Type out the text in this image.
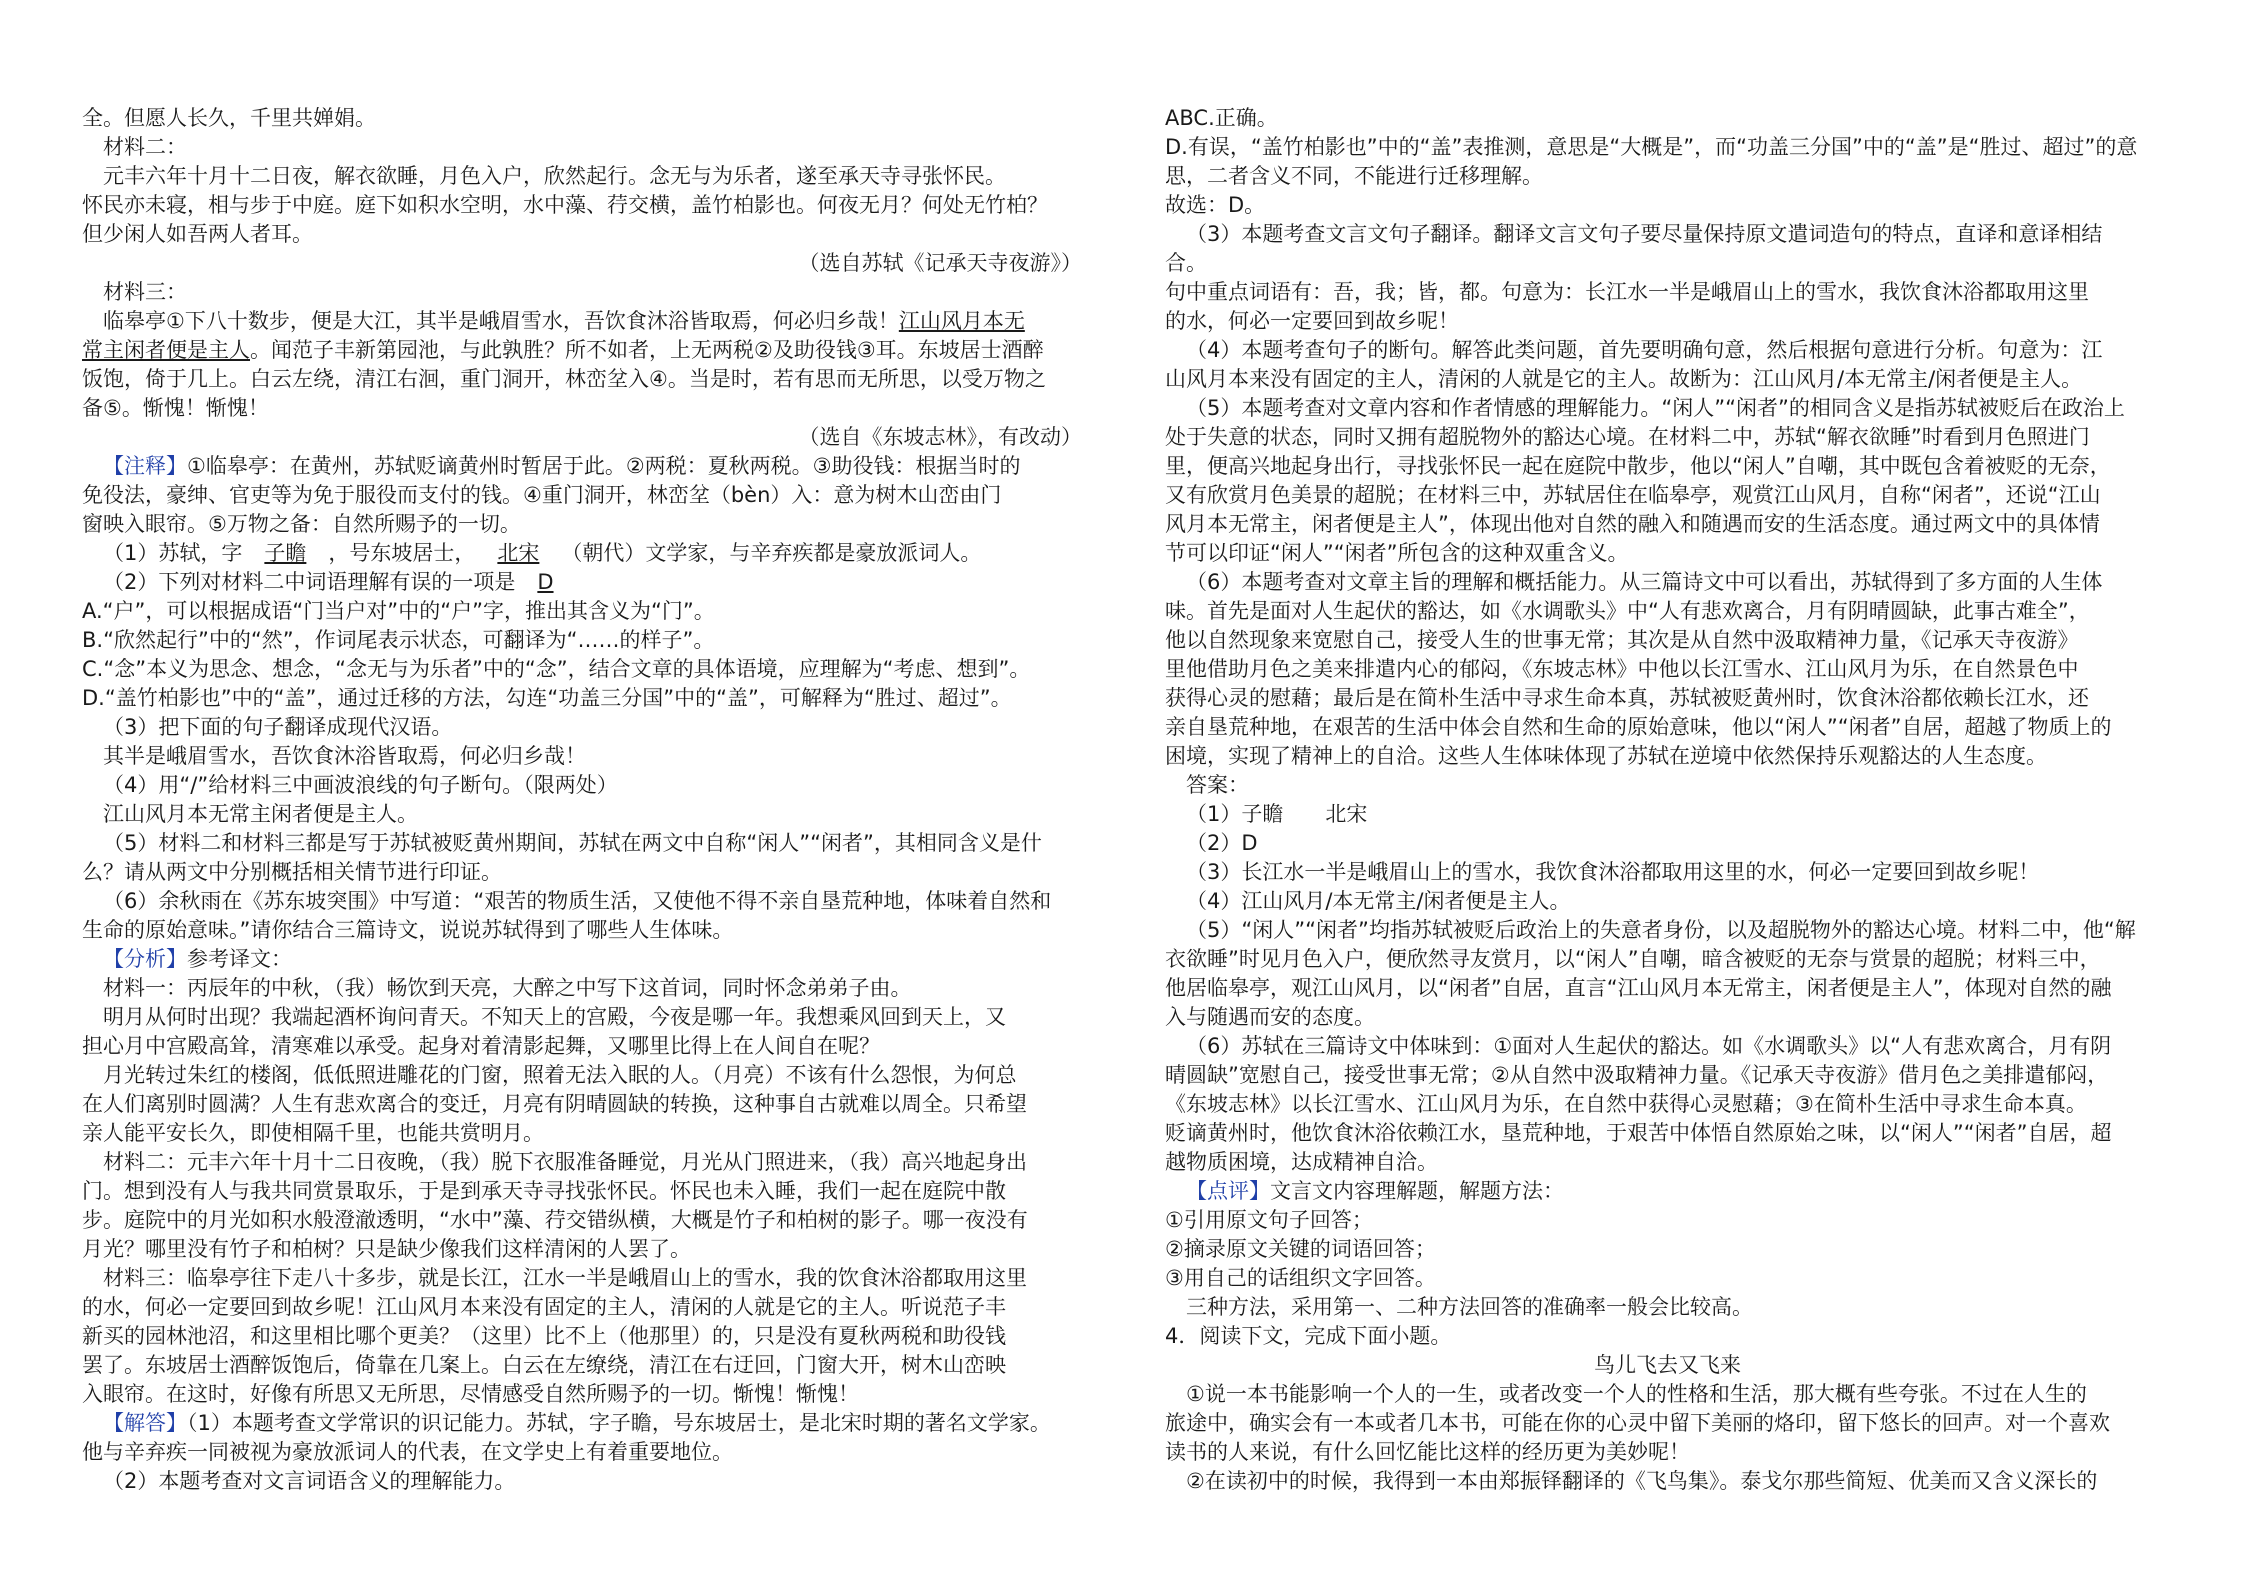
全。但愿人长久，千里共婵娟。

材料二：

元丰六年十月十二日夜，解衣欲睡，月色入户，欣然起行。念无与为乐者，遂至承天寺寻张怀民。

怀民亦未寝，相与步于中庭。庭下如积水空明，水中藻、荇交横，盖竹柏影也。何夜无月？何处无竹柏？

但少闲人如吾两人者耳。

（选自苏轼《记承天寺夜游》）

材料三：

临皋亭①下八十数步，便是大江，其半是峨眉雪水，吾饮食沐浴皆取焉，何必归乡哉！江山风月本无

常主闲者便是主人。闻范子丰新第园池，与此孰胜？所不如者，上无两税②及助役钱③耳。东坡居士酒醉

饭饱，倚于几上。白云左绕，清江右洄，重门洞开，林峦坌入④。当是时，若有思而无所思，以受万物之

备⑤。惭愧！惭愧！

（选自《东坡志林》，有改动）

【注释】①临皋亭：在黄州，苏轼贬谪黄州时暂居于此。②两税：夏秋两税。③助役钱：根据当时的

免役法，豪绅、官吏等为免于服役而支付的钱。④重门洞开，林峦坌（bèn）入：意为树木山峦由门

窗映入眼帘。⑤万物之备：自然所赐予的一切。

（1）苏轼，字 子瞻 ，号东坡居士， 北宋 （朝代）文学家，与辛弃疾都是豪放派词人。

（2）下列对材料二中词语理解有误的一项是 D

A.“户”，可以根据成语“门当户对”中的“户”字，推出其含义为“门”。

B.“欣然起行”中的“然”，作词尾表示状态，可翻译为“……的样子”。

C.“念”本义为思念、想念，“念无与为乐者”中的“念”，结合文章的具体语境，应理解为“考虑、想到”。

D.“盖竹柏影也”中的“盖”，通过迁移的方法，勾连“功盖三分国”中的“盖”，可解释为“胜过、超过”。

（3）把下面的句子翻译成现代汉语。

其半是峨眉雪水，吾饮食沐浴皆取焉，何必归乡哉！

（4）用“/”给材料三中画波浪线的句子断句。（限两处）

江山风月本无常主闲者便是主人。

（5）材料二和材料三都是写于苏轼被贬黄州期间，苏轼在两文中自称“闲人”“闲者”，其相同含义是什

么？请从两文中分别概括相关情节进行印证。

（6）余秋雨在《苏东坡突围》中写道：“艰苦的物质生活，又使他不得不亲自垦荒种地，体味着自然和

生命的原始意味。”请你结合三篇诗文，说说苏轼得到了哪些人生体味。

【分析】参考译文：

材料一：丙辰年的中秋，（我）畅饮到天亮，大醉之中写下这首词，同时怀念弟弟子由。

明月从何时出现？我端起酒杯询问青天。不知天上的宫殿，今夜是哪一年。我想乘风回到天上，又

担心月中宫殿高耸，清寒难以承受。起身对着清影起舞，又哪里比得上在人间自在呢？

月光转过朱红的楼阁，低低照进雕花的门窗，照着无法入眠的人。（月亮）不该有什么怨恨，为何总

在人们离别时圆满？人生有悲欢离合的变迁，月亮有阴晴圆缺的转换，这种事自古就难以周全。只希望

亲人能平安长久，即使相隔千里，也能共赏明月。

材料二：元丰六年十月十二日夜晚，（我）脱下衣服准备睡觉，月光从门照进来，（我）高兴地起身出

门。想到没有人与我共同赏景取乐，于是到承天寺寻找张怀民。怀民也未入睡，我们一起在庭院中散

步。庭院中的月光如积水般澄澈透明，“水中”藻、荇交错纵横，大概是竹子和柏树的影子。哪一夜没有

月光？哪里没有竹子和柏树？只是缺少像我们这样清闲的人罢了。

材料三：临皋亭往下走八十多步，就是长江，江水一半是峨眉山上的雪水，我的饮食沐浴都取用这里

的水，何必一定要回到故乡呢！江山风月本来没有固定的主人，清闲的人就是它的主人。听说范子丰

新买的园林池沼，和这里相比哪个更美？（这里）比不上（他那里）的，只是没有夏秋两税和助役钱

罢了。东坡居士酒醉饭饱后，倚靠在几案上。白云在左缭绕，清江在右迂回，门窗大开，树木山峦映

入眼帘。在这时，好像有所思又无所思，尽情感受自然所赐予的一切。惭愧！惭愧！

【解答】（1）本题考查文学常识的识记能力。苏轼，字子瞻，号东坡居士，是北宋时期的著名文学家。

他与辛弃疾一同被视为豪放派词人的代表，在文学史上有着重要地位。

（2）本题考查对文言词语含义的理解能力。

ABC.正确。

D.有误，“盖竹柏影也”中的“盖”表推测，意思是“大概是”，而“功盖三分国”中的“盖”是“胜过、超过”的意

思，二者含义不同，不能进行迁移理解。

故选：D。

（3）本题考查文言文句子翻译。翻译文言文句子要尽量保持原文遣词造句的特点，直译和意译相结

合。

句中重点词语有：吾，我；皆，都。句意为：长江水一半是峨眉山上的雪水，我饮食沐浴都取用这里

的水，何必一定要回到故乡呢！

（4）本题考查句子的断句。解答此类问题，首先要明确句意，然后根据句意进行分析。句意为：江

山风月本来没有固定的主人，清闲的人就是它的主人。故断为：江山风月/本无常主/闲者便是主人。

（5）本题考查对文章内容和作者情感的理解能力。“闲人”“闲者”的相同含义是指苏轼被贬后在政治上

处于失意的状态，同时又拥有超脱物外的豁达心境。在材料二中，苏轼“解衣欲睡”时看到月色照进门

里，便高兴地起身出行，寻找张怀民一起在庭院中散步，他以“闲人”自嘲，其中既包含着被贬的无奈，

又有欣赏月色美景的超脱；在材料三中，苏轼居住在临皋亭，观赏江山风月，自称“闲者”，还说“江山

风月本无常主，闲者便是主人”，体现出他对自然的融入和随遇而安的生活态度。通过两文中的具体情

节可以印证“闲人”“闲者”所包含的这种双重含义。

（6）本题考查对文章主旨的理解和概括能力。从三篇诗文中可以看出，苏轼得到了多方面的人生体

味。首先是面对人生起伏的豁达，如《水调歌头》中“人有悲欢离合，月有阴晴圆缺，此事古难全”，

他以自然现象来宽慰自己，接受人生的世事无常；其次是从自然中汲取精神力量，《记承天寺夜游》

里他借助月色之美来排遣内心的郁闷，《东坡志林》中他以长江雪水、江山风月为乐，在自然景色中

获得心灵的慰藉；最后是在简朴生活中寻求生命本真，苏轼被贬黄州时，饮食沐浴都依赖长江水，还

亲自垦荒种地，在艰苦的生活中体会自然和生命的原始意味，他以“闲人”“闲者”自居，超越了物质上的

困境，实现了精神上的自洽。这些人生体味体现了苏轼在逆境中依然保持乐观豁达的人生态度。

答案：

（1）子瞻　　北宋

（2）D

（3）长江水一半是峨眉山上的雪水，我饮食沐浴都取用这里的水，何必一定要回到故乡呢！

（4）江山风月/本无常主/闲者便是主人。

（5）“闲人”“闲者”均指苏轼被贬后政治上的失意者身份，以及超脱物外的豁达心境。材料二中，他“解

衣欲睡”时见月色入户，便欣然寻友赏月，以“闲人”自嘲，暗含被贬的无奈与赏景的超脱；材料三中，

他居临皋亭，观江山风月，以“闲者”自居，直言“江山风月本无常主，闲者便是主人”，体现对自然的融

入与随遇而安的态度。

（6）苏轼在三篇诗文中体味到：①面对人生起伏的豁达。如《水调歌头》以“人有悲欢离合，月有阴

晴圆缺”宽慰自己，接受世事无常；②从自然中汲取精神力量。《记承天寺夜游》借月色之美排遣郁闷，

《东坡志林》以长江雪水、江山风月为乐，在自然中获得心灵慰藉；③在简朴生活中寻求生命本真。

贬谪黄州时，他饮食沐浴依赖江水，垦荒种地，于艰苦中体悟自然原始之味，以“闲人”“闲者”自居，超

越物质困境，达成精神自洽。

【点评】文言文内容理解题，解题方法：

①引用原文句子回答；

②摘录原文关键的词语回答；

③用自己的话组织文字回答。

三种方法，采用第一、二种方法回答的准确率一般会比较高。

4．阅读下文，完成下面小题。

鸟儿飞去又飞来

①说一本书能影响一个人的一生，或者改变一个人的性格和生活，那大概有些夸张。不过在人生的

旅途中，确实会有一本或者几本书，可能在你的心灵中留下美丽的烙印，留下悠长的回声。对一个喜欢

读书的人来说，有什么回忆能比这样的经历更为美妙呢！

②在读初中的时候，我得到一本由郑振铎翻译的《飞鸟集》。泰戈尔那些简短、优美而又含义深长的
